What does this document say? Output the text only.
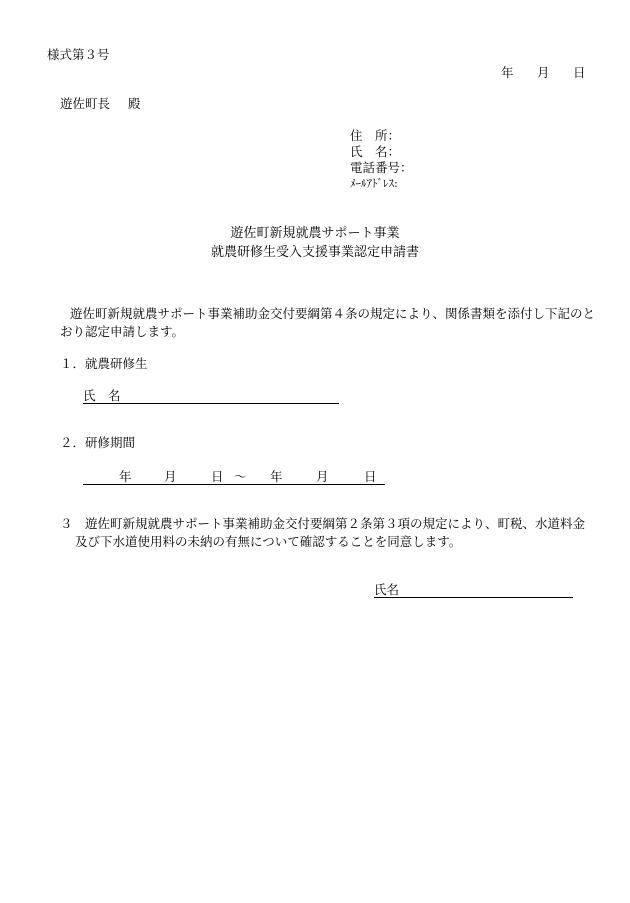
様式第３号
年 月 日
遊佐町長 殿
住　所：
氏　名：
電話番号：
ﾒｰﾙｱﾄﾞﾚｽ:
遊佐町新規就農サポート事業
就農研修生受入支援事業認定申請書
遊佐町新規就農サポート事業補助金交付要綱第４条の規定により、関係書類を添付し下記のと
おり認定申請します。
１．就農研修生
氏　名
２．研修期間
年	月	日 ～ 年	月	日
３　遊佐町新規就農サポート事業補助金交付要綱第２条第３項の規定により、町税、水道料金
及び下水道使用料の未納の有無について確認することを同意します。
氏名
